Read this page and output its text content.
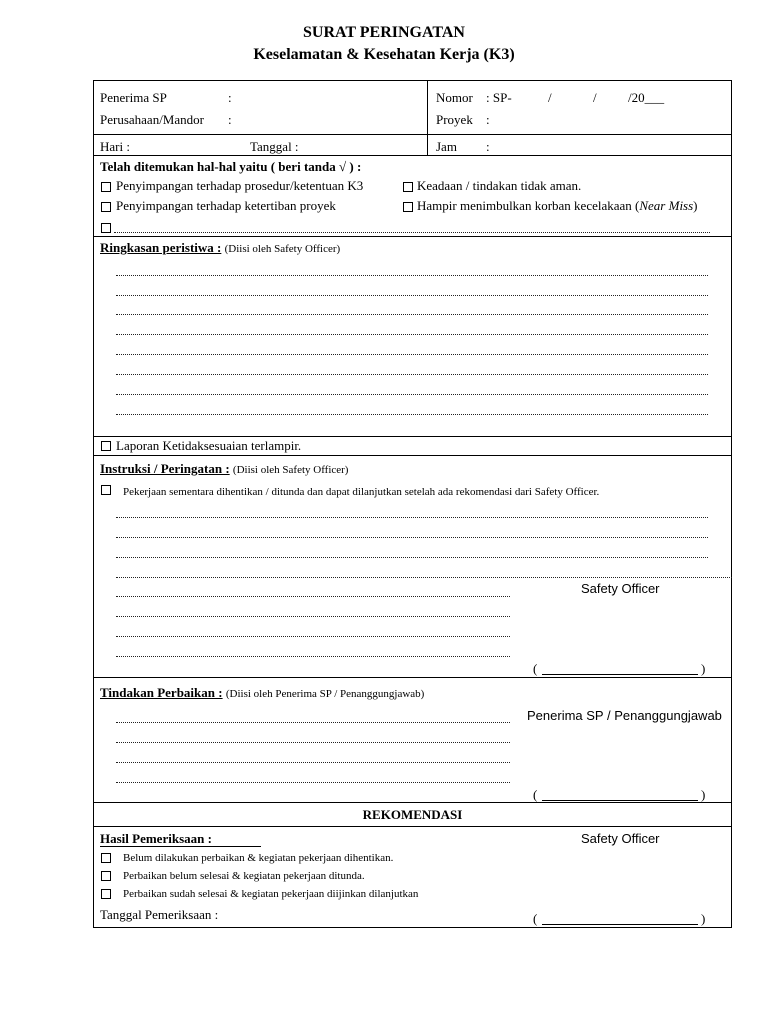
SURAT PERINGATAN
Keselamatan & Kesehatan Kerja (K3)
Penerima SP	:
Perusahaan/Mandor :
Nomor : SP-	/	/ /20___
Proyek :
Hari :	Tanggal :	Jam :
Telah ditemukan hal-hal yaitu ( beri tanda √ ) :
Penyimpangan terhadap prosedur/ketentuan K3	Keadaan / tindakan tidak aman.
Penyimpangan terhadap ketertiban proyek	Hampir menimbulkan korban kecelakaan (Near Miss)
Ringkasan peristiwa : (Diisi oleh Safety Officer)
Laporan Ketidaksesuaian terlampir.
Instruksi / Peringatan : (Diisi oleh Safety Officer)
Pekerjaan sementara dihentikan / ditunda dan dapat dilanjutkan setelah ada rekomendasi dari Safety Officer.
Safety Officer
(	)
Tindakan Perbaikan : (Diisi oleh Penerima SP / Penanggungjawab)
Penerima SP / Penanggungjawab
(	)
REKOMENDASI
Hasil Pemeriksaan :	Safety Officer
Belum dilakukan perbaikan & kegiatan pekerjaan dihentikan.
Perbaikan belum selesai & kegiatan pekerjaan ditunda.
Perbaikan sudah selesai & kegiatan pekerjaan diijinkan dilanjutkan
Tanggal Pemeriksaan :	(	)
